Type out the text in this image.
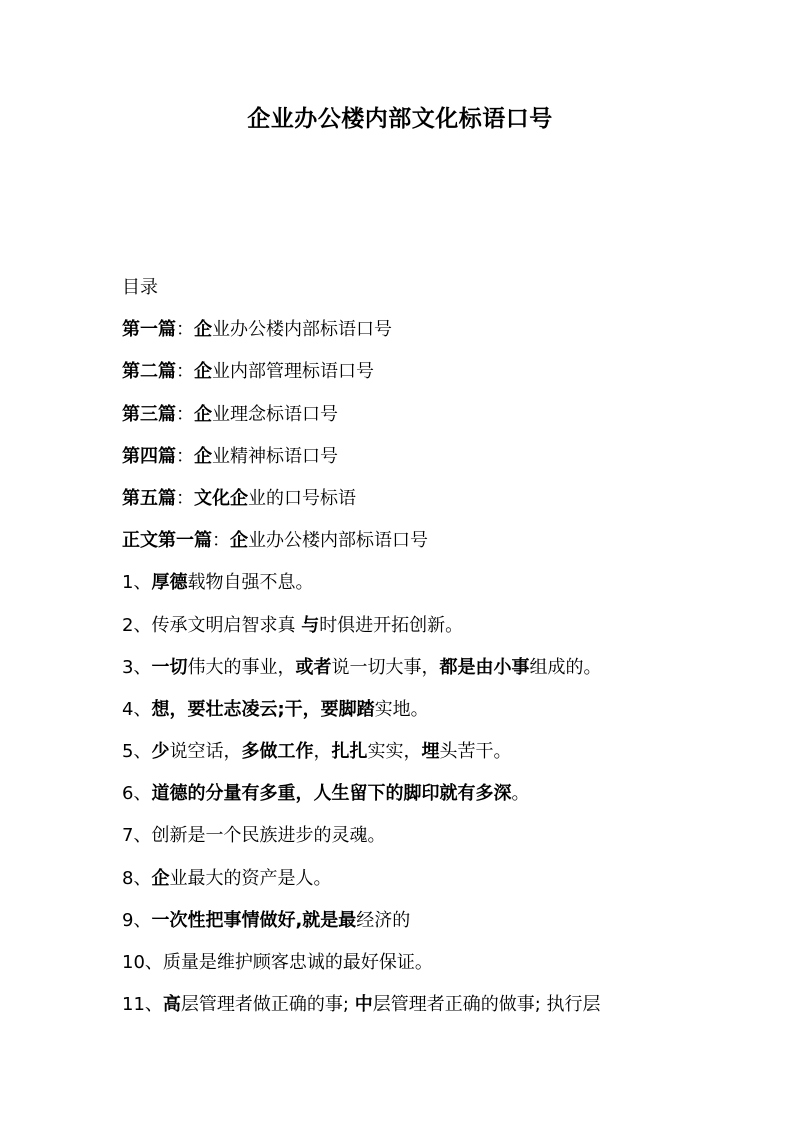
企业办公楼内部文化标语口号
目录
第一篇：企业办公楼内部标语口号
第二篇：企业内部管理标语口号
第三篇：企业理念标语口号
第四篇：企业精神标语口号
第五篇：文化企业的口号标语
正文第一篇：企业办公楼内部标语口号
1、厚德载物自强不息。
2、传承文明启智求真 与时俱进开拓创新。
3、一切伟大的事业，或者说一切大事，都是由小事组成的。
4、想，要壮志凌云;干，要脚踏实地。
5、少说空话，多做工作，扎扎实实，埋头苦干。
6、道德的分量有多重，人生留下的脚印就有多深。
7、创新是一个民族进步的灵魂。
8、企业最大的资产是人。
9、一次性把事情做好,就是最经济的
10、质量是维护顾客忠诚的最好保证。
11、高层管理者做正确的事; 中层管理者正确的做事; 执行层
